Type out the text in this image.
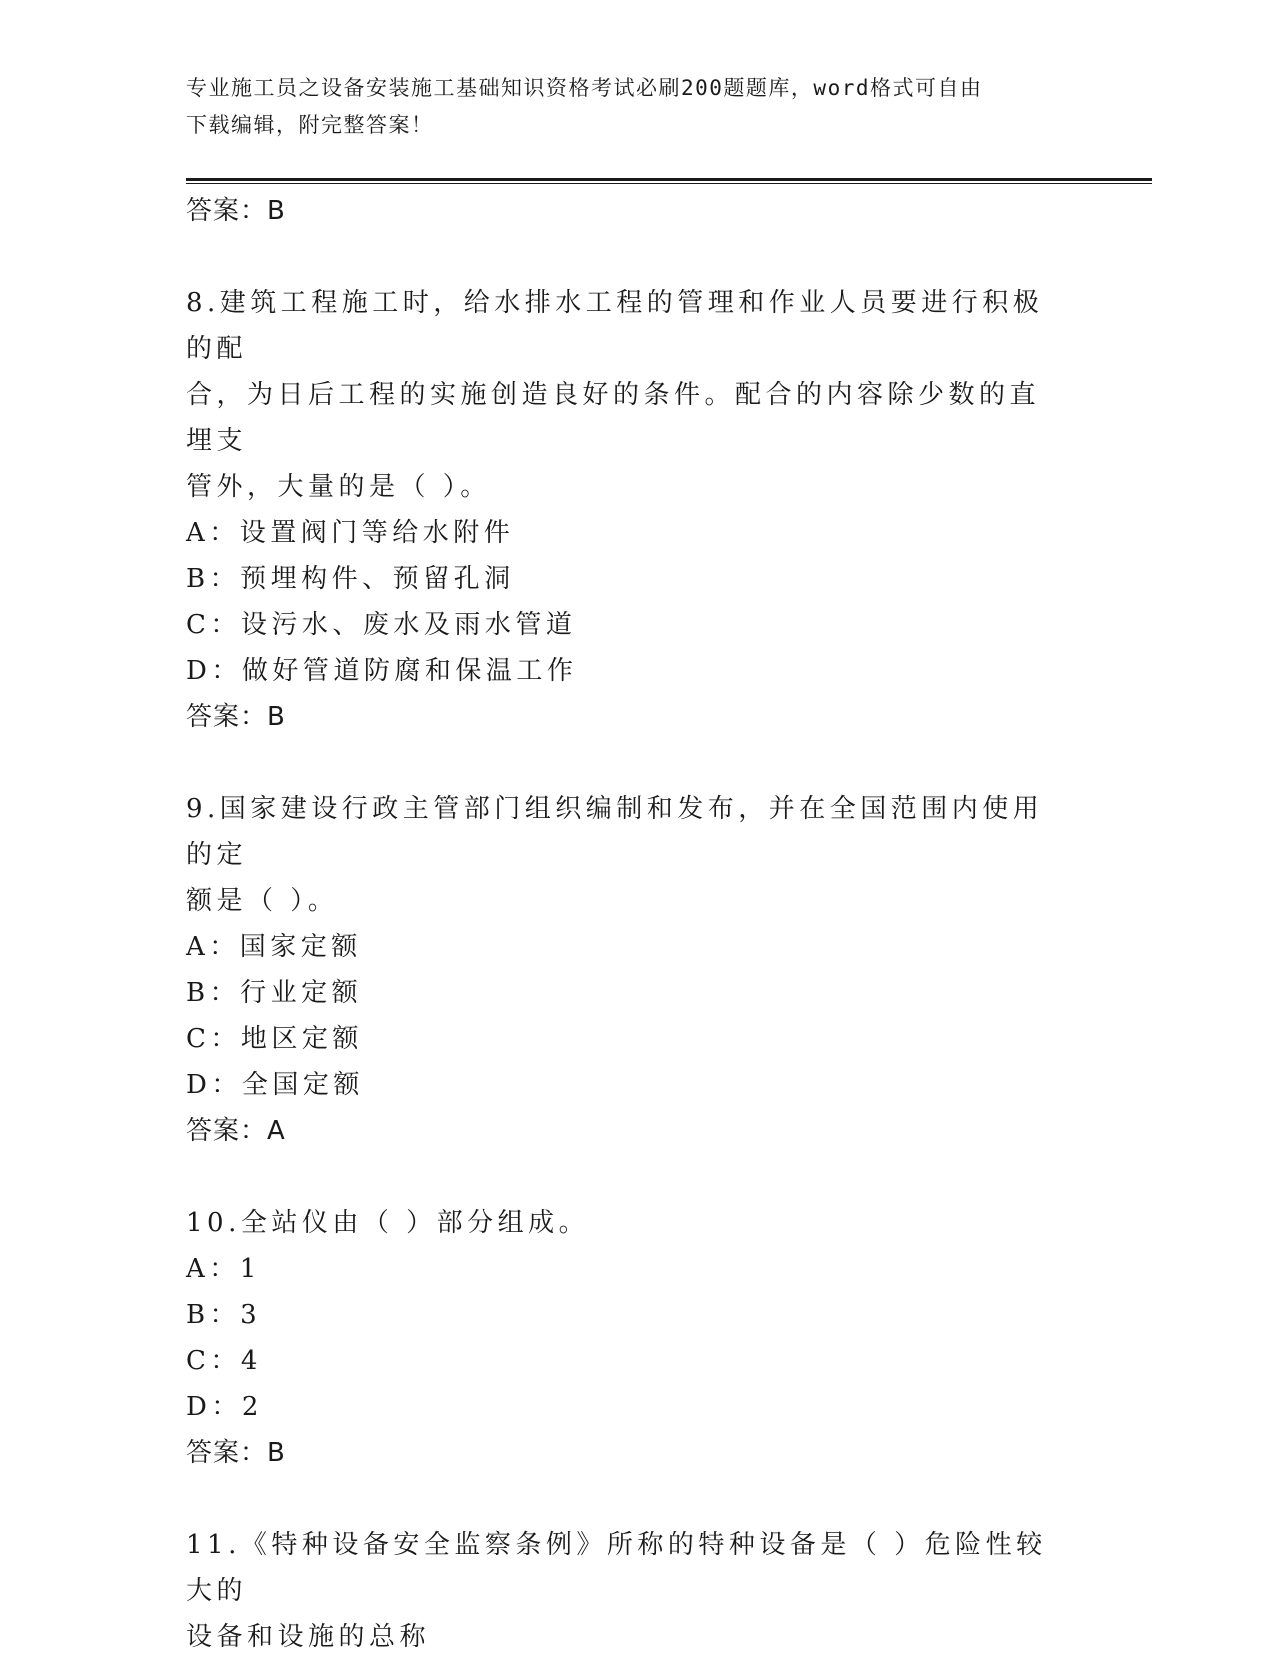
专业施工员之设备安装施工基础知识资格考试必刷200题题库，word格式可自由
下载编辑，附完整答案！
答案：B
8.建筑工程施工时，给水排水工程的管理和作业人员要进行积极的配
合，为日后工程的实施创造良好的条件。配合的内容除少数的直埋支
管外，大量的是（ ）。
A：设置阀门等给水附件
B：预埋构件、预留孔洞
C：设污水、废水及雨水管道
D：做好管道防腐和保温工作
答案：B
9.国家建设行政主管部门组织编制和发布，并在全国范围内使用的定
额是（ ）。
A：国家定额
B：行业定额
C：地区定额
D：全国定额
答案：A
10.全站仪由（ ）部分组成。
A：1
B：3
C：4
D：2
答案：B
11.《特种设备安全监察条例》所称的特种设备是（ ）危险性较大的
设备和设施的总称
